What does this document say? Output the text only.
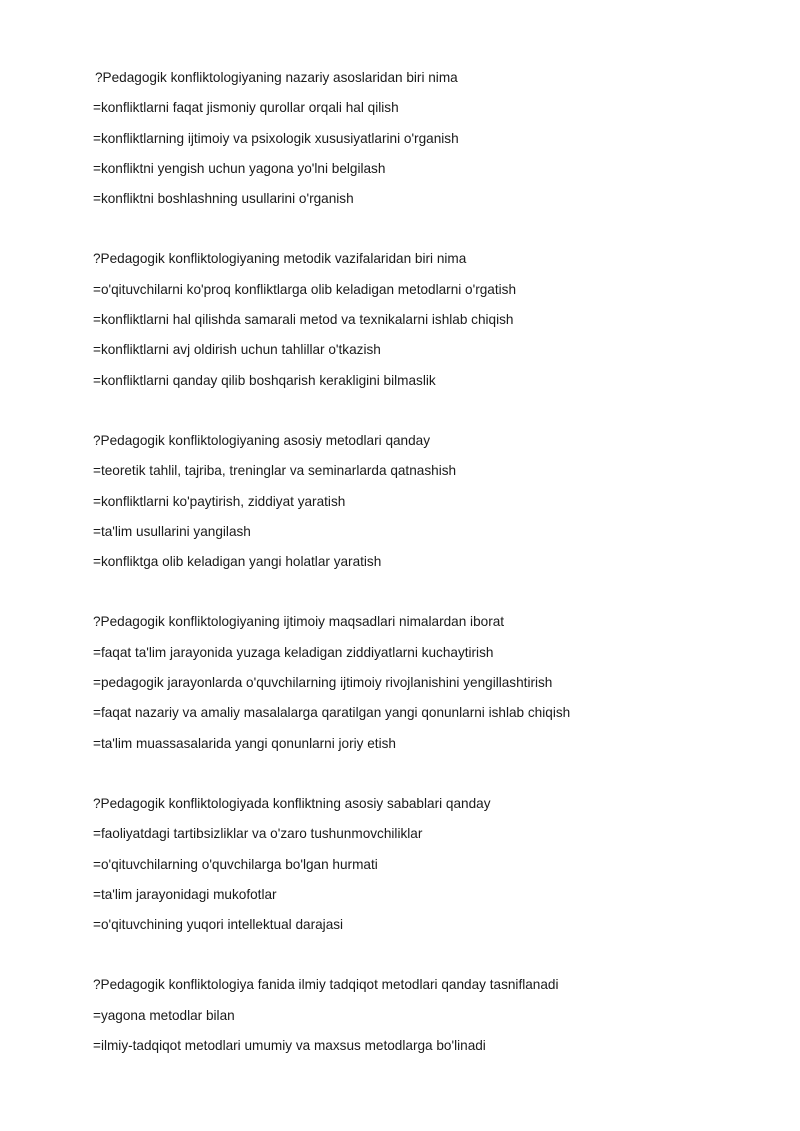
?Pedagogik konfliktologiyaning nazariy asoslaridan biri nima
=konfliktlarni faqat jismoniy qurollar orqali hal qilish
=konfliktlarning ijtimoiy va psixologik xususiyatlarini o'rganish
=konfliktni yengish uchun yagona yo'lni belgilash
=konfliktni boshlashning usullarini o'rganish
?Pedagogik konfliktologiyaning metodik vazifalaridan biri nima
=o'qituvchilarni ko'proq konfliktlarga olib keladigan metodlarni o'rgatish
=konfliktlarni hal qilishda samarali metod va texnikalarni ishlab chiqish
=konfliktlarni avj oldirish uchun tahlillar o'tkazish
=konfliktlarni qanday qilib boshqarish kerakligini bilmaslik
?Pedagogik konfliktologiyaning asosiy metodlari qanday
=teoretik tahlil, tajriba, treninglar va seminarlarda qatnashish
=konfliktlarni ko'paytirish, ziddiyat yaratish
=ta'lim usullarini yangilash
=konfliktga olib keladigan yangi holatlar yaratish
?Pedagogik konfliktologiyaning ijtimoiy maqsadlari nimalardan iborat
=faqat ta'lim jarayonida yuzaga keladigan ziddiyatlarni kuchaytirish
=pedagogik jarayonlarda o'quvchilarning ijtimoiy rivojlanishini yengillashtirish
=faqat nazariy va amaliy masalalarga qaratilgan yangi qonunlarni ishlab chiqish
=ta'lim muassasalarida yangi qonunlarni joriy etish
?Pedagogik konfliktologiyada konfliktning asosiy sabablari qanday
=faoliyatdagi tartibsizliklar va o'zaro tushunmovchiliklar
=o'qituvchilarning o'quvchilarga bo'lgan hurmati
=ta'lim jarayonidagi mukofotlar
=o'qituvchining yuqori intellektual darajasi
?Pedagogik konfliktologiya fanida ilmiy tadqiqot metodlari qanday tasniflanadi
=yagona metodlar bilan
=ilmiy-tadqiqot metodlari umumiy va maxsus metodlarga bo'linadi
